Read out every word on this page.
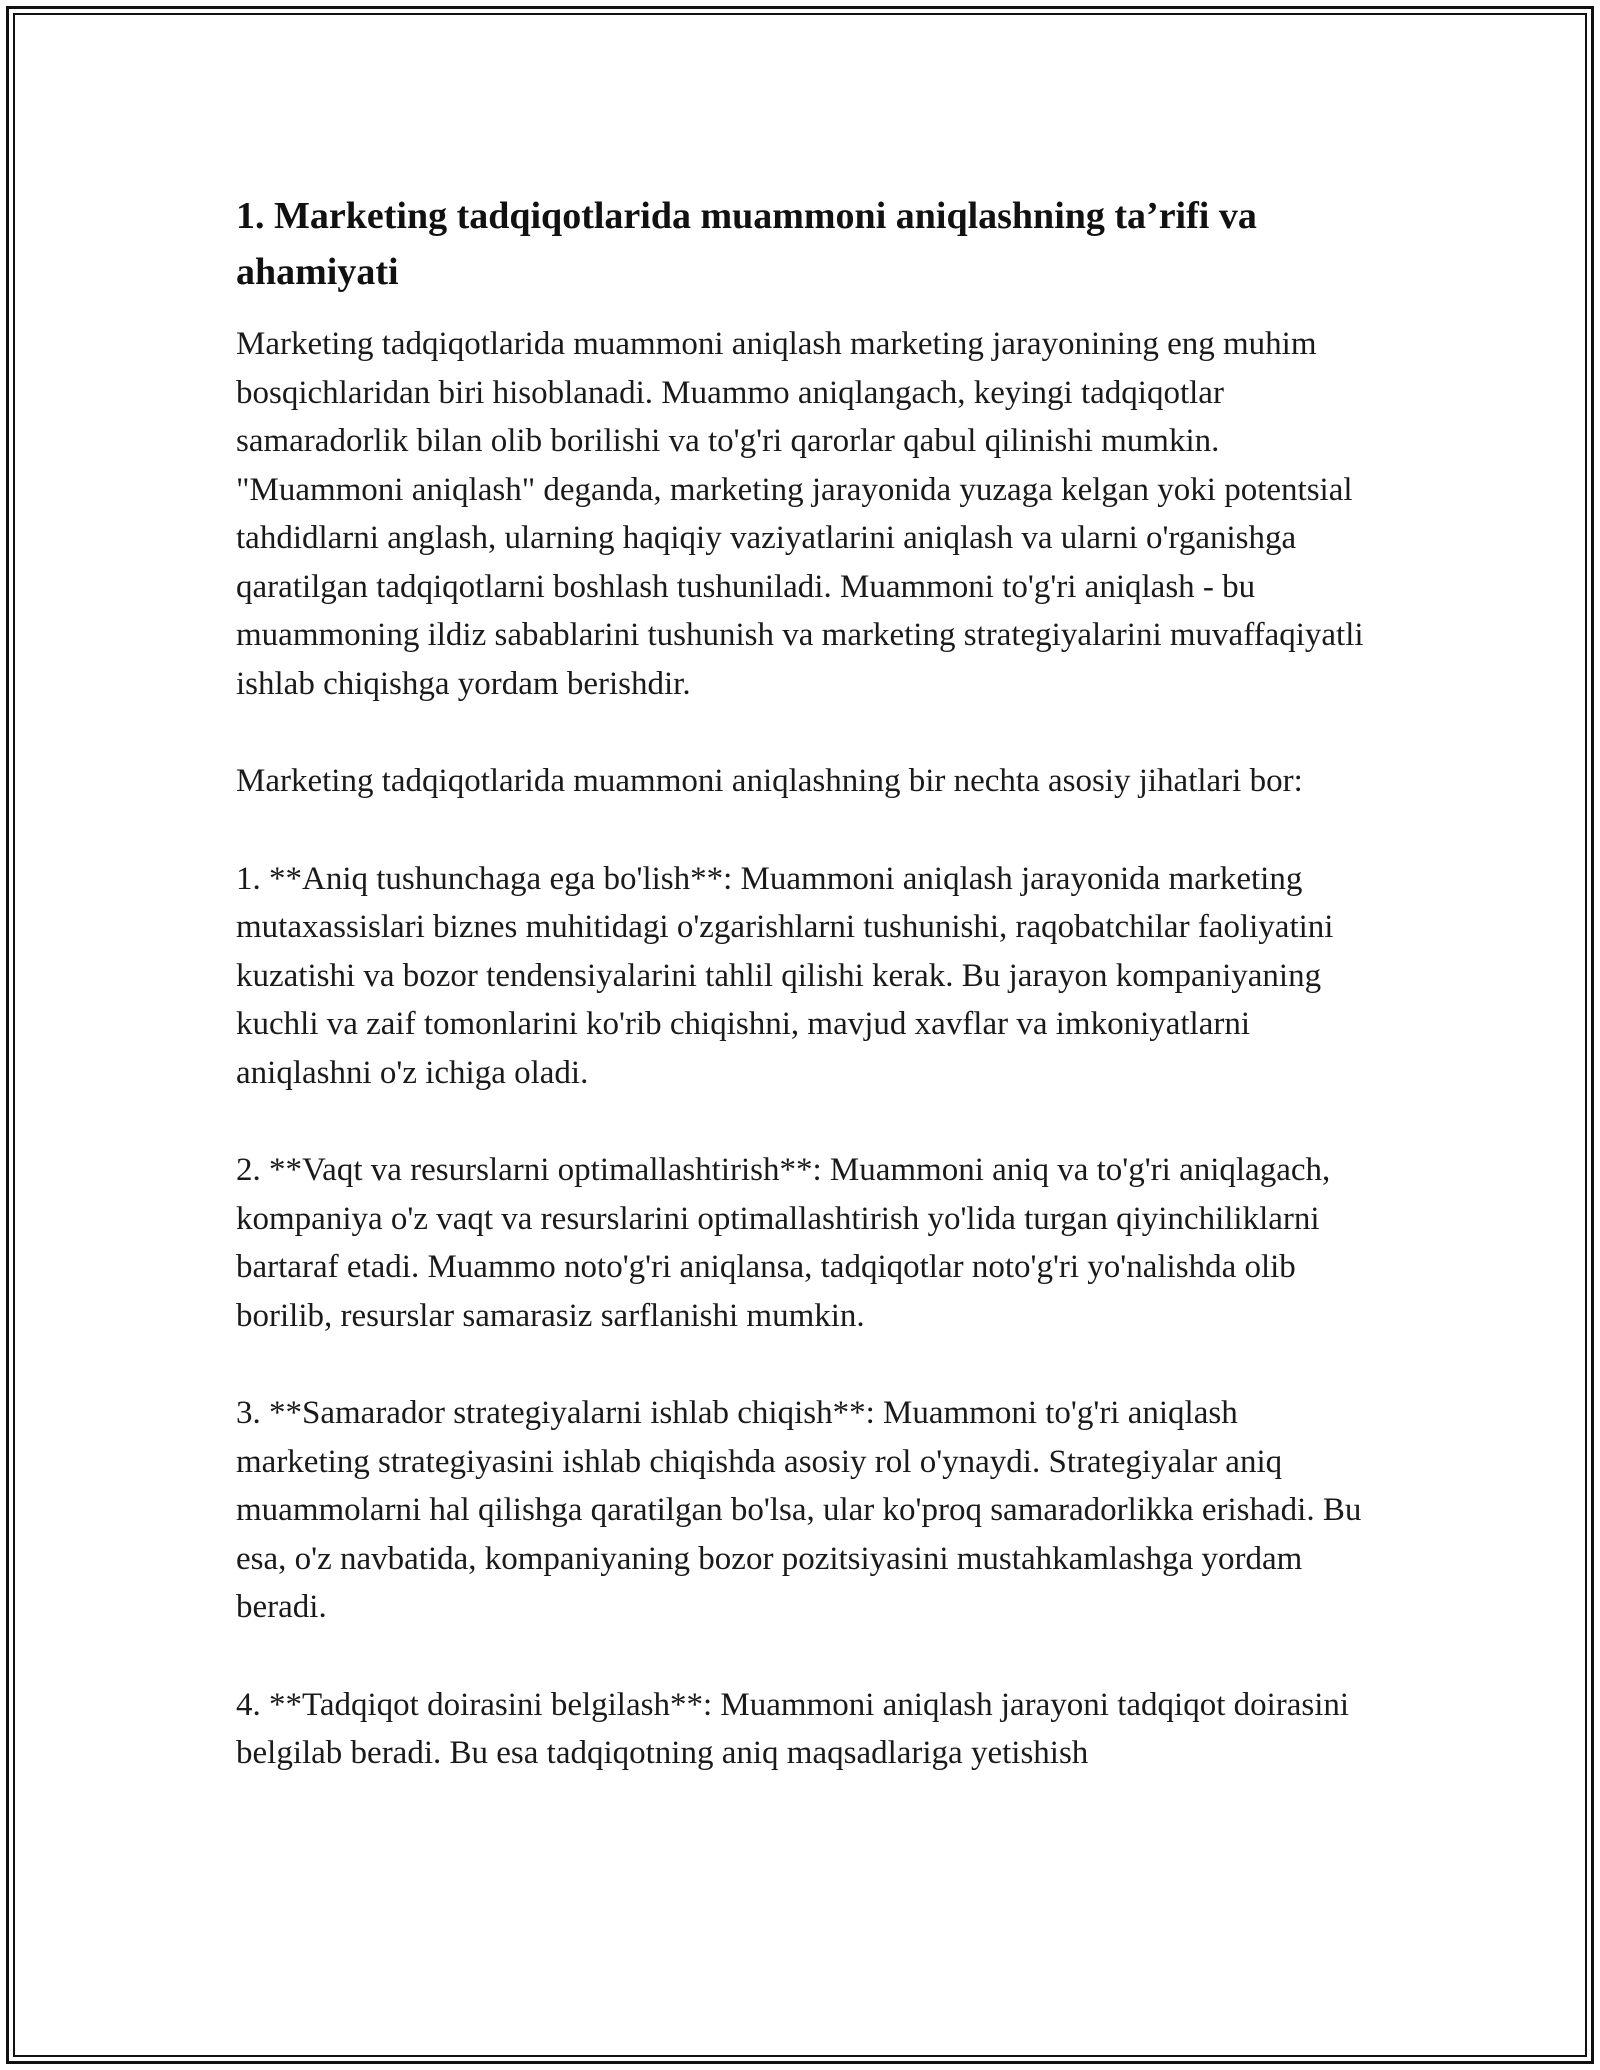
1. Marketing tadqiqotlarida muammoni aniqlashning ta’rifi va ahamiyati

Marketing tadqiqotlarida muammoni aniqlash marketing jarayonining eng muhim bosqichlaridan biri hisoblanadi. Muammo aniqlangach, keyingi tadqiqotlar samaradorlik bilan olib borilishi va to'g'ri qarorlar qabul qilinishi mumkin. "Muammoni aniqlash" deganda, marketing jarayonida yuzaga kelgan yoki potentsial tahdidlarni anglash, ularning haqiqiy vaziyatlarini aniqlash va ularni o'rganishga qaratilgan tadqiqotlarni boshlash tushuniladi. Muammoni to'g'ri aniqlash - bu muammoning ildiz sabablarini tushunish va marketing strategiyalarini muvaffaqiyatli ishlab chiqishga yordam berishdir.

Marketing tadqiqotlarida muammoni aniqlashning bir nechta asosiy jihatlari bor:

1. **Aniq tushunchaga ega bo'lish**: Muammoni aniqlash jarayonida marketing mutaxassislari biznes muhitidagi o'zgarishlarni tushunishi, raqobatchilar faoliyatini kuzatishi va bozor tendensiyalarini tahlil qilishi kerak. Bu jarayon kompaniyaning kuchli va zaif tomonlarini ko'rib chiqishni, mavjud xavflar va imkoniyatlarni aniqlashni o'z ichiga oladi.

2. **Vaqt va resurslarni optimallashtirish**: Muammoni aniq va to'g'ri aniqlagach, kompaniya o'z vaqt va resurslarini optimallashtirish yo'lida turgan qiyinchiliklarni bartaraf etadi. Muammo noto'g'ri aniqlansa, tadqiqotlar noto'g'ri yo'nalishda olib borilib, resurslar samarasiz sarflanishi mumkin.

3. **Samarador strategiyalarni ishlab chiqish**: Muammoni to'g'ri aniqlash marketing strategiyasini ishlab chiqishda asosiy rol o'ynaydi. Strategiyalar aniq muammolarni hal qilishga qaratilgan bo'lsa, ular ko'proq samaradorlikka erishadi. Bu esa, o'z navbatida, kompaniyaning bozor pozitsiyasini mustahkamlashga yordam beradi.

4. **Tadqiqot doirasini belgilash**: Muammoni aniqlash jarayoni tadqiqot doirasini belgilab beradi. Bu esa tadqiqotning aniq maqsadlariga yetishish
